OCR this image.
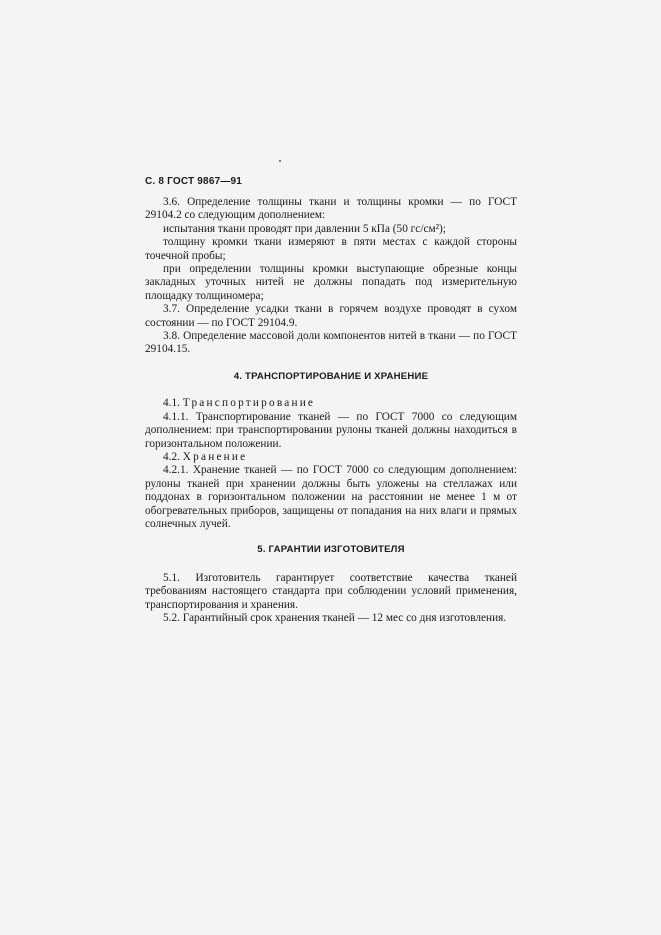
С. 8 ГОСТ 9867—91

3.6. Определение толщины ткани и толщины кромки — по ГОСТ 29104.2 со следующим дополнением:

испытания ткани проводят при давлении 5 кПа (50 гс/см²);

толщину кромки ткани измеряют в пяти местах с каждой стороны точечной пробы;

при определении толщины кромки выступающие обрезные концы закладных уточных нитей не должны попадать под измерительную площадку толщиномера;

3.7. Определение усадки ткани в горячем воздухе проводят в сухом состоянии — по ГОСТ 29104.9.

3.8. Определение массовой доли компонентов нитей в ткани — по ГОСТ 29104.15.

4. ТРАНСПОРТИРОВАНИЕ И ХРАНЕНИЕ

4.1. Транспортирование

4.1.1. Транспортирование тканей — по ГОСТ 7000 со следующим дополнением: при транспортировании рулоны тканей должны находиться в горизонтальном положении.

4.2. Хранение

4.2.1. Хранение тканей — по ГОСТ 7000 со следующим дополнением: рулоны тканей при хранении должны быть уложены на стеллажах или поддонах в горизонтальном положении на расстоянии не менее 1 м от обогревательных приборов, защищены от попадания на них влаги и прямых солнечных лучей.

5. ГАРАНТИИ ИЗГОТОВИТЕЛЯ

5.1. Изготовитель гарантирует соответствие качества тканей требованиям настоящего стандарта при соблюдении условий применения, транспортирования и хранения.

5.2. Гарантийный срок хранения тканей — 12 мес со дня изготовления.
